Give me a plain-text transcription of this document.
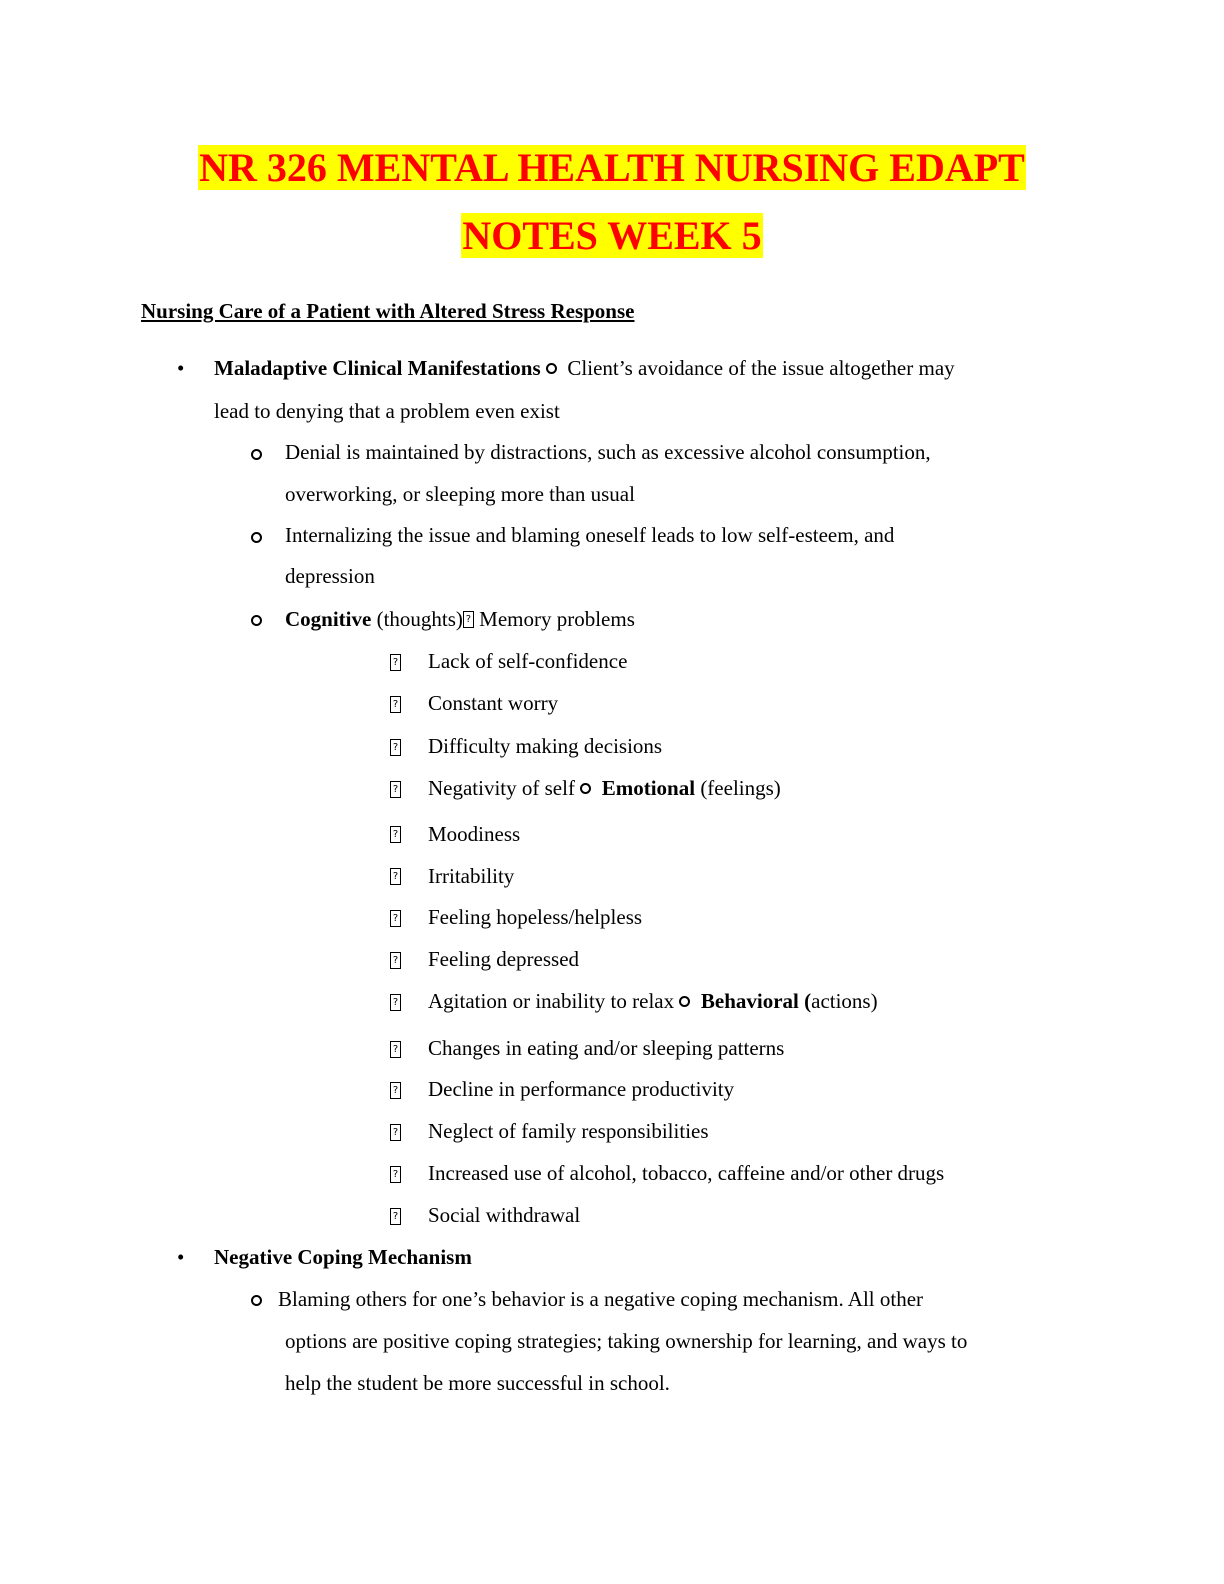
NR 326 MENTAL HEALTH NURSING EDAPT
NOTES WEEK 5
Nursing Care of a Patient with Altered Stress Response
• Maladaptive Clinical Manifestations Client’s avoidance of the issue altogether may
lead to denying that a problem even exist
Denial is maintained by distractions, such as excessive alcohol consumption,
overworking, or sleeping more than usual
Internalizing the issue and blaming oneself leads to low self-esteem, and
depression
Cognitive (thoughts) ? Memory problems
? Lack of self-confidence
? Constant worry
? Difficulty making decisions
? Negativity of self Emotional (feelings)
? Moodiness
? Irritability
? Feeling hopeless/helpless
? Feeling depressed
? Agitation or inability to relax Behavioral (actions)
? Changes in eating and/or sleeping patterns
? Decline in performance productivity
? Neglect of family responsibilities
? Increased use of alcohol, tobacco, caffeine and/or other drugs
? Social withdrawal
• Negative Coping Mechanism
Blaming others for one’s behavior is a negative coping mechanism. All other
options are positive coping strategies; taking ownership for learning, and ways to
help the student be more successful in school.
